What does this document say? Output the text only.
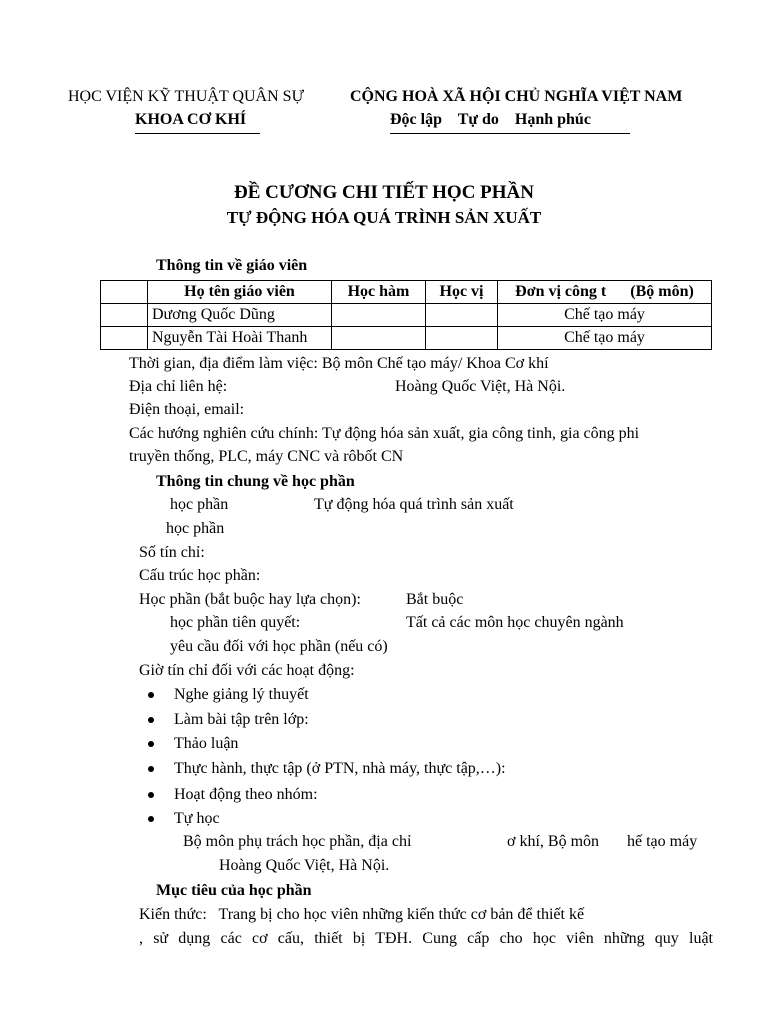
HỌC VIỆN KỸ THUẬT QUÂN SỰ
KHOA CƠ KHÍ
CỘNG HOÀ XÃ HỘI CHỦ NGHĨA VIỆT NAM
Độc lập    Tự do    Hạnh phúc
ĐỀ CƯƠNG CHI TIẾT HỌC PHẦN
TỰ ĐỘNG HÓA QUÁ TRÌNH SẢN XUẤT
Thông tin về giáo viên
	Họ tên giáo viên	Học hàm	Học vị	Đơn vị công t      (Bộ môn)
	Dương Quốc Dũng			Chế tạo máy
	Nguyễn Tài Hoài Thanh			Chế tạo máy
Thời gian, địa điểm làm việc: Bộ môn Chế tạo máy/ Khoa Cơ khí
Địa chỉ liên hệ:	Hoàng Quốc Việt, Hà Nội.
Điện thoại, email:
Các hướng nghiên cứu chính: Tự động hóa sản xuất, gia công tinh, gia công phi
truyền thống, PLC, máy CNC và rôbốt CN
Thông tin chung về học phần
học phần	Tự động hóa quá trình sản xuất
học phần
Số tín chỉ:
Cấu trúc học phần:
Học phần (bắt buộc hay lựa chọn):	Bắt buộc
học phần tiên quyết:	Tất cả các môn học chuyên ngành
yêu cầu đối với học phần (nếu có)
Giờ tín chỉ đối với các hoạt động:
Nghe giảng lý thuyết
Làm bài tập trên lớp:
Thảo luận
Thực hành, thực tập (ở PTN, nhà máy, thực tập,…):
Hoạt động theo nhóm:
Tự học
Bộ môn phụ trách học phần, địa chỉ	ơ khí, Bộ môn hế tạo máy
Hoàng Quốc Việt, Hà Nội.
Mục tiêu của học phần
Kiến thức:   Trang bị cho học viên những kiến thức cơ bản để thiết kế
, sử dụng các cơ cấu, thiết bị TĐH. Cung cấp cho học viên những quy luật
